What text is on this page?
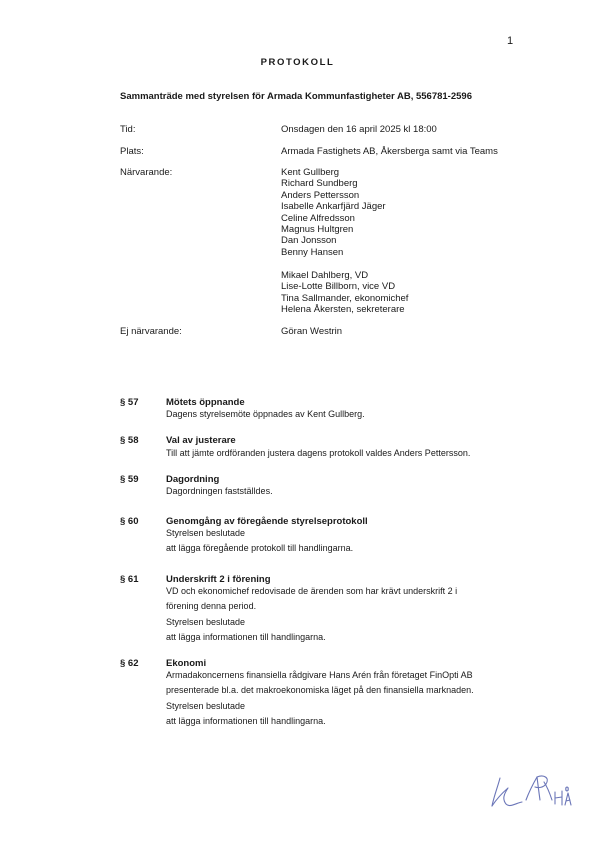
1
PROTOKOLL
Sammanträde med styrelsen för Armada Kommunfastigheter AB, 556781-2596
Tid:	Onsdagen den 16 april 2025 kl 18:00
Plats:	Armada Fastighets AB, Åkersberga samt via Teams
Närvarande:	Kent Gullberg
Richard Sundberg
Anders Pettersson
Isabelle Ankarfjärd Jäger
Celine Alfredsson
Magnus Hultgren
Dan Jonsson
Benny Hansen
Mikael Dahlberg, VD
Lise-Lotte Billborn, vice VD
Tina Sallmander, ekonomichef
Helena Åkersten, sekreterare
Ej närvarande:	Göran Westrin
§ 57	Mötets öppnande
Dagens styrelsemöte öppnades av Kent Gullberg.
§ 58	Val av justerare
Till att jämte ordföranden justera dagens protokoll valdes Anders Pettersson.
§ 59	Dagordning
Dagordningen fastställdes.
§ 60	Genomgång av föregående styrelseprotokoll
Styrelsen beslutade
att lägga föregående protokoll till handlingarna.
§ 61	Underskrift 2 i förening
VD och ekonomichef redovisade de ärenden som har krävt underskrift 2 i
förening denna period.
Styrelsen beslutade
att lägga informationen till handlingarna.
§ 62	Ekonomi
Armadakoncernens finansiella rådgivare Hans Arén från företaget FinOpti AB
presenterade bl.a. det makroekonomiska läget på den finansiella marknaden.
Styrelsen beslutade
att lägga informationen till handlingarna.
